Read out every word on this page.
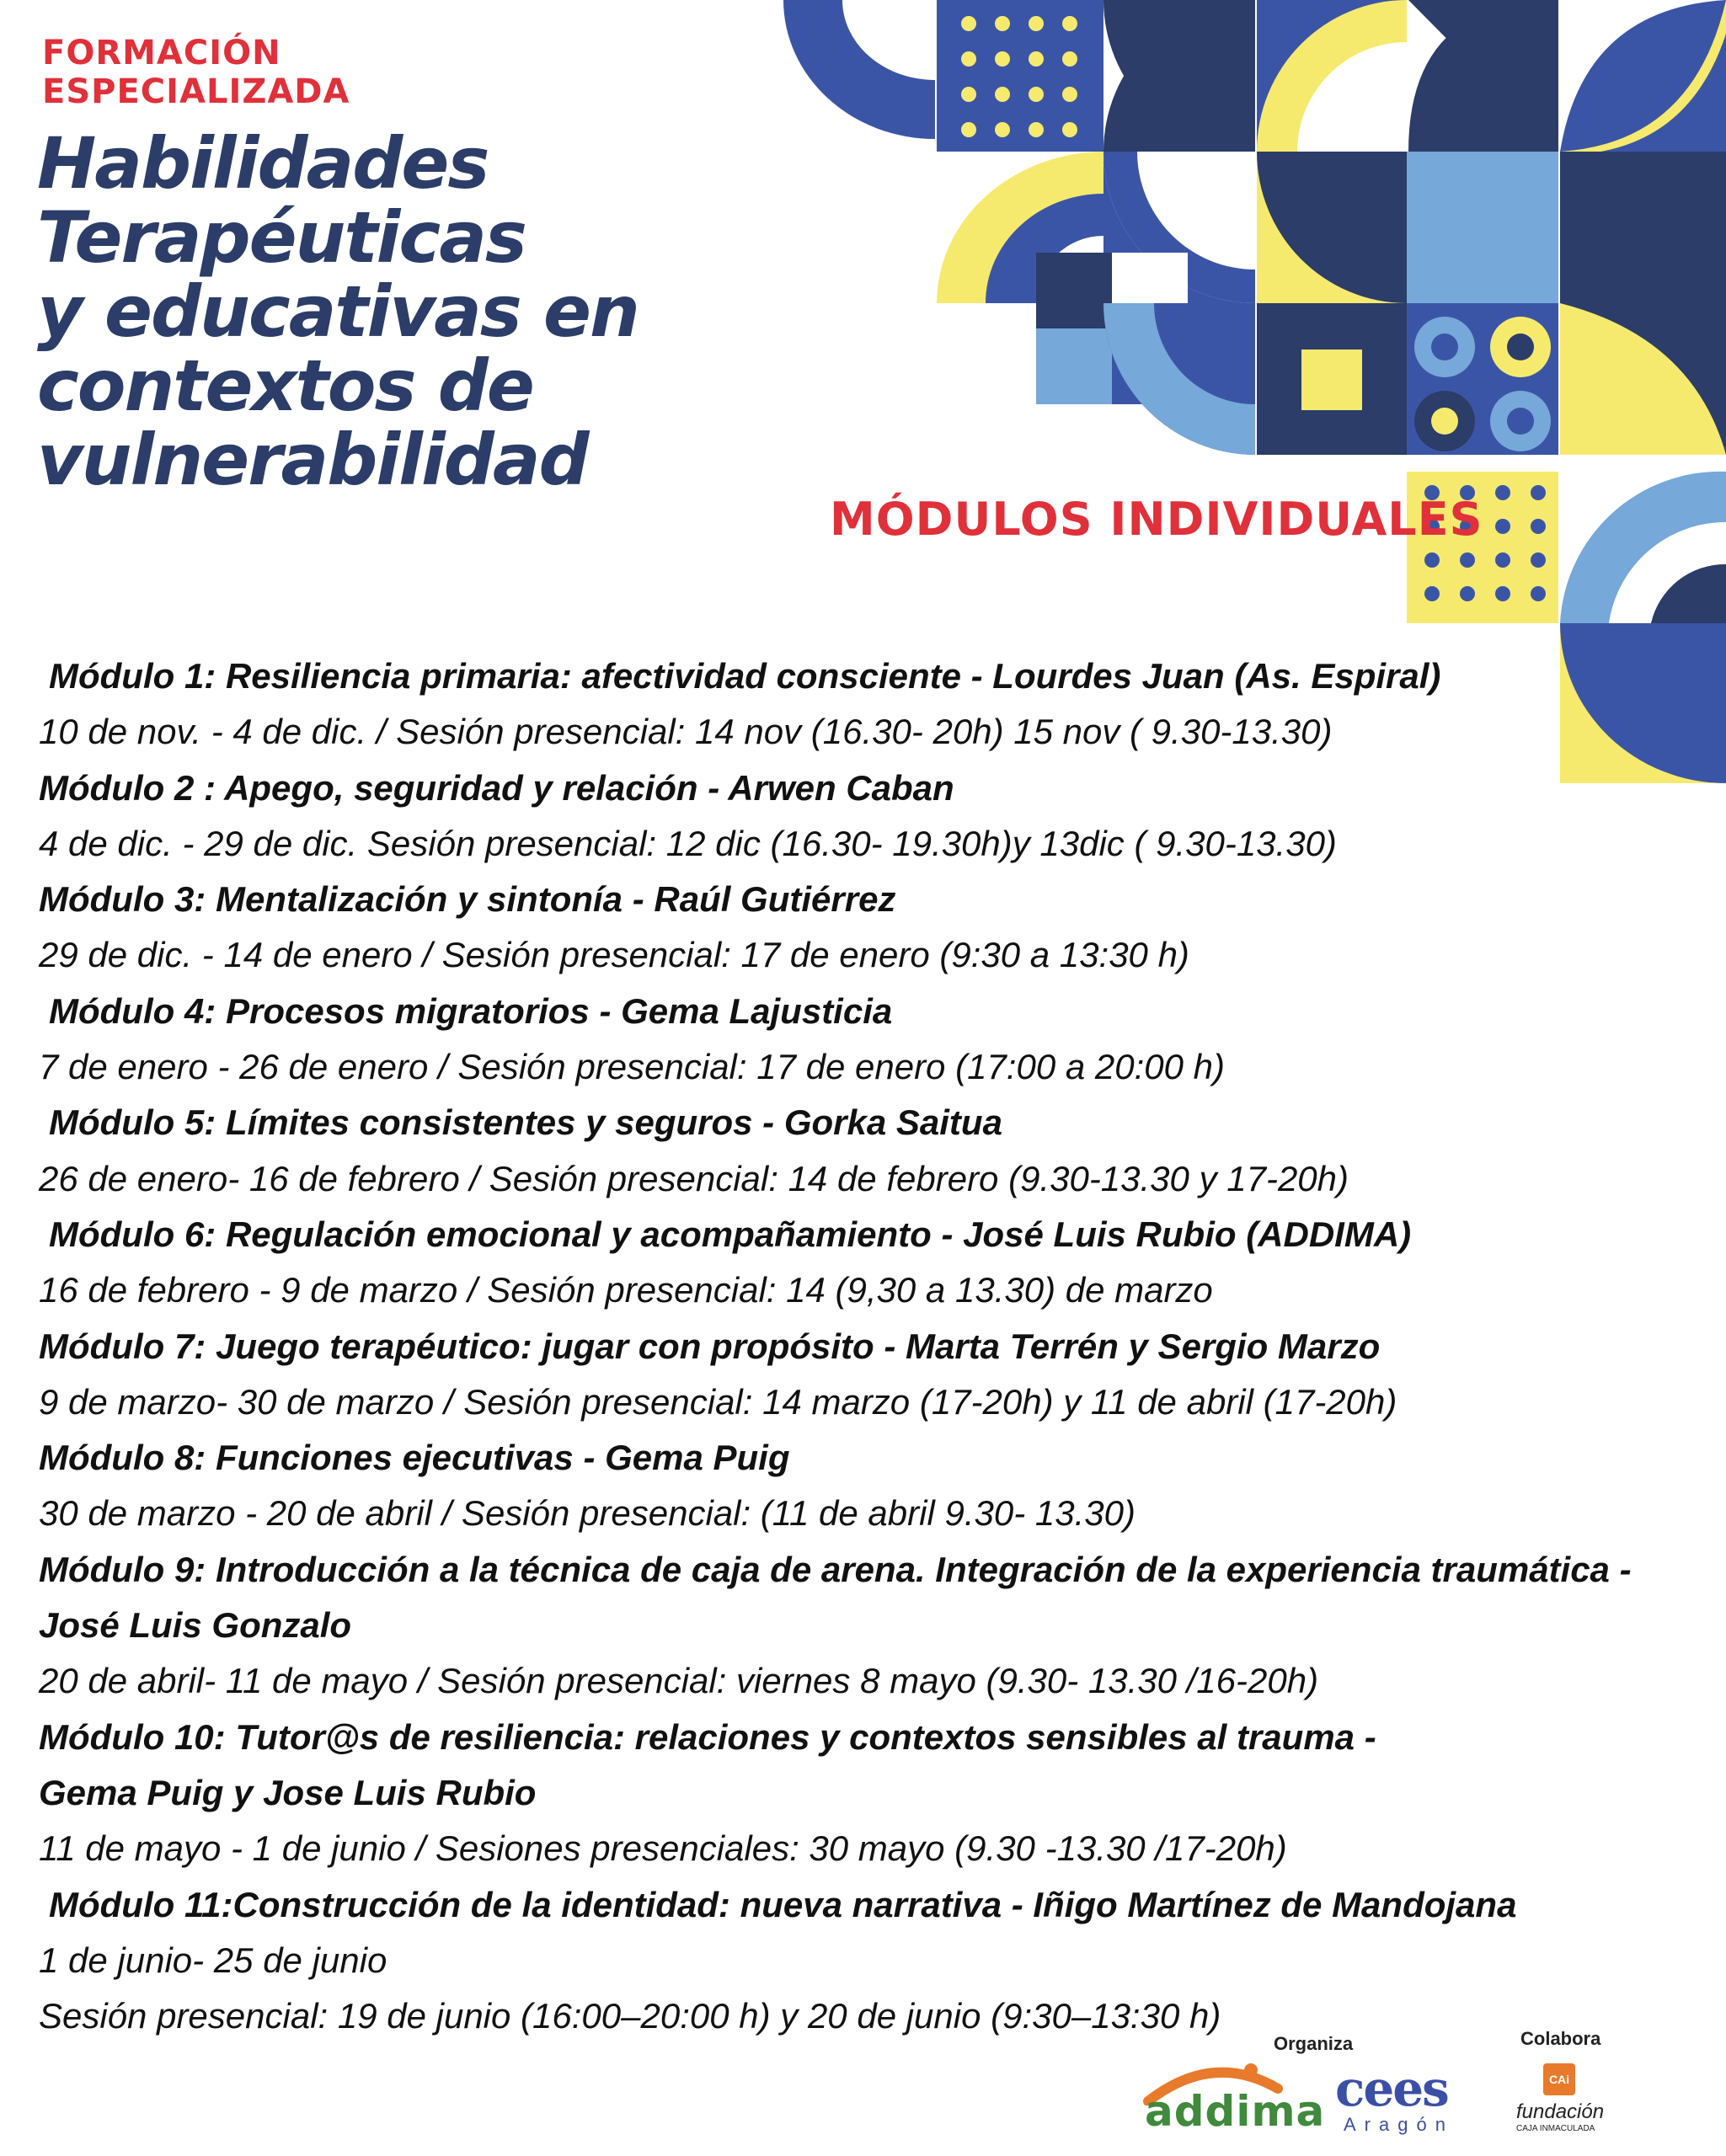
FORMACIÓN
ESPECIALIZADA
Habilidades
Terapéuticas
y educativas en
contextos de
vulnerabilidad
MÓDULOS INDIVIDUALES
Módulo 1: Resiliencia primaria: afectividad consciente - Lourdes Juan (As. Espiral)
10 de nov. - 4 de dic. / Sesión presencial: 14 nov (16.30- 20h) 15 nov ( 9.30-13.30)
Módulo 2 : Apego, seguridad y relación - Arwen Caban
4 de dic. - 29 de dic. Sesión presencial: 12 dic (16.30- 19.30h)y 13dic ( 9.30-13.30)
Módulo 3: Mentalización y sintonía - Raúl Gutiérrez
29 de dic. - 14 de enero / Sesión presencial: 17 de enero (9:30 a 13:30 h)
Módulo 4: Procesos migratorios - Gema Lajusticia
7 de enero - 26 de enero / Sesión presencial: 17 de enero (17:00 a 20:00 h)
Módulo 5: Límites consistentes y seguros - Gorka Saitua
26 de enero- 16 de febrero / Sesión presencial: 14 de febrero (9.30-13.30 y 17-20h)
Módulo 6: Regulación emocional y acompañamiento - José Luis Rubio (ADDIMA)
16 de febrero - 9 de marzo / Sesión presencial: 14 (9,30 a 13.30) de marzo
Módulo 7: Juego terapéutico: jugar con propósito - Marta Terrén y Sergio Marzo
9 de marzo- 30 de marzo / Sesión presencial: 14 marzo (17-20h) y 11 de abril (17-20h)
Módulo 8: Funciones ejecutivas - Gema Puig
30 de marzo - 20 de abril / Sesión presencial: (11 de abril 9.30- 13.30)
Módulo 9: Introducción a la técnica de caja de arena. Integración de la experiencia traumática -
José Luis Gonzalo
20 de abril- 11 de mayo / Sesión presencial: viernes 8 mayo (9.30- 13.30 /16-20h)
Módulo 10: Tutor@s de resiliencia: relaciones y contextos sensibles al trauma -
Gema Puig y Jose Luis Rubio
11 de mayo - 1 de junio / Sesiones presenciales: 30 mayo (9.30 -13.30 /17-20h)
Módulo 11:Construcción de la identidad: nueva narrativa - Iñigo Martínez de Mandojana
1 de junio- 25 de junio
Sesión presencial: 19 de junio (16:00–20:00 h) y 20 de junio (9:30–13:30 h)
Organiza	Colabora
addima cees
Aragón
CAi
fundación
CAJA INMACULADA
